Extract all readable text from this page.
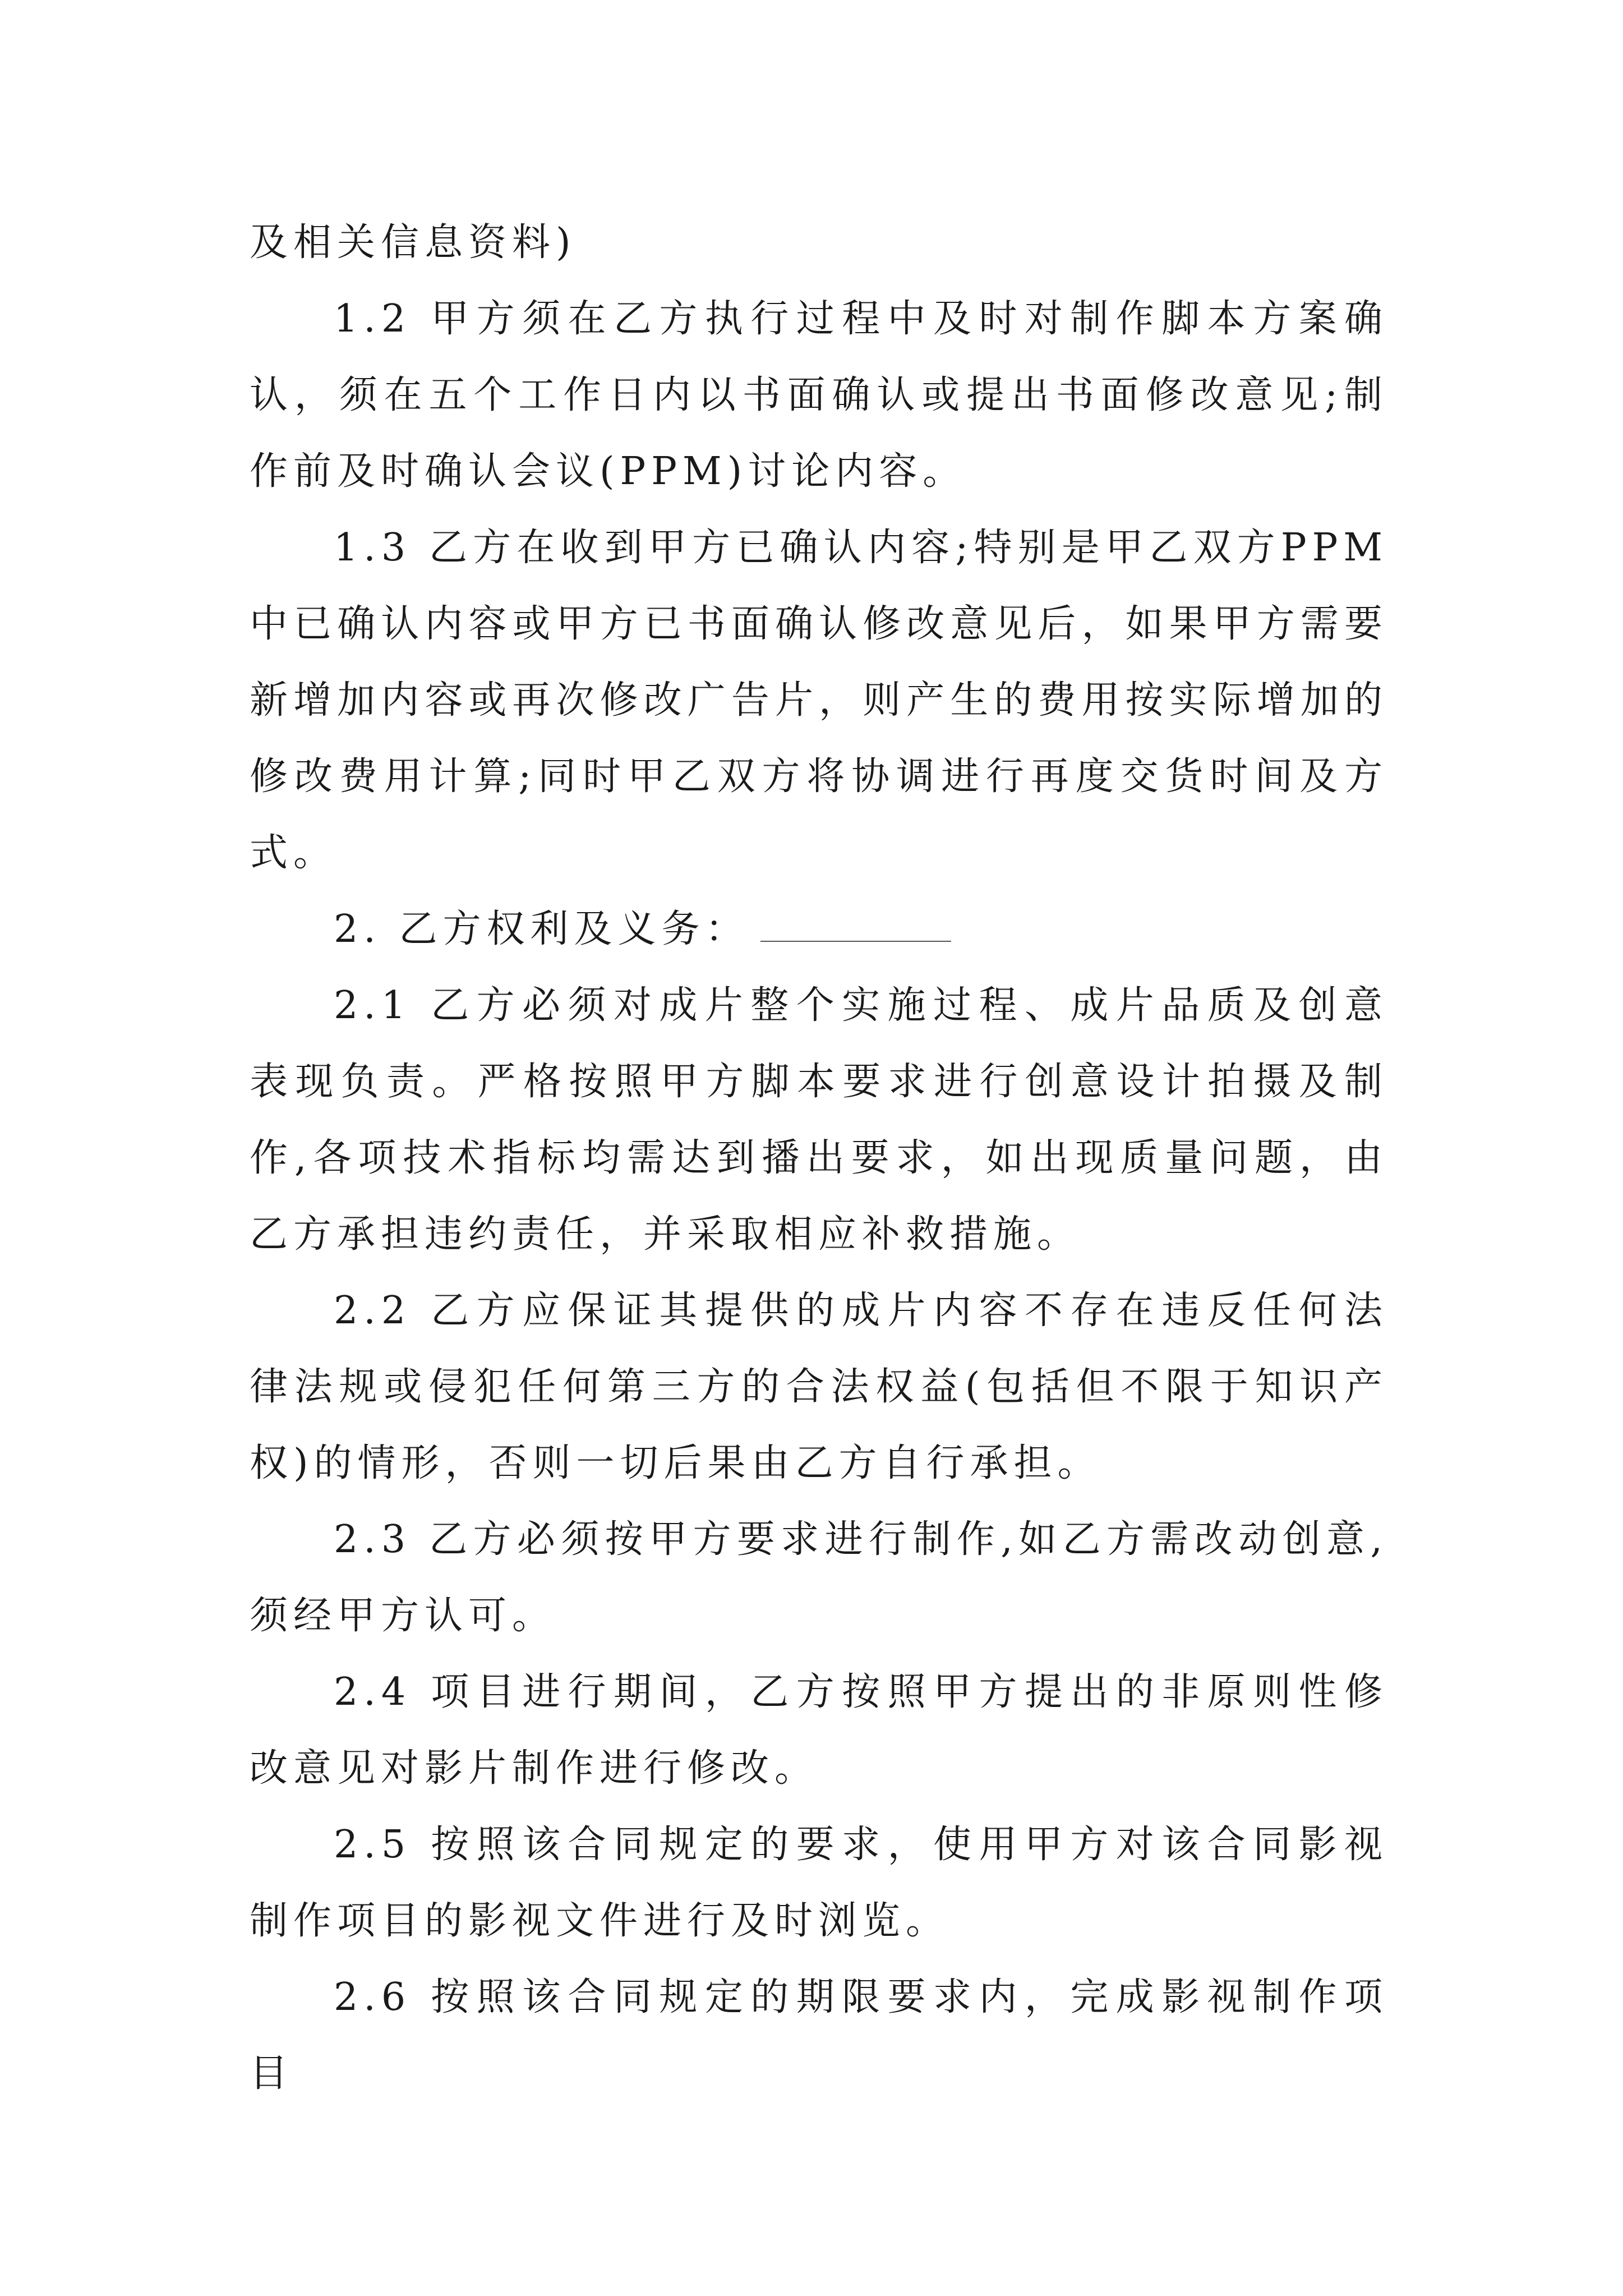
及相关信息资料)

1.2 甲方须在乙方执行过程中及时对制作脚本方案确认，须在五个工作日内以书面确认或提出书面修改意见;制作前及时确认会议(PPM)讨论内容。

1.3 乙方在收到甲方已确认内容;特别是甲乙双方PPM中已确认内容或甲方已书面确认修改意见后，如果甲方需要新增加内容或再次修改广告片，则产生的费用按实际增加的修改费用计算;同时甲乙双方将协调进行再度交货时间及方式。

2. 乙方权利及义务：

2.1 乙方必须对成片整个实施过程、成片品质及创意表现负责。严格按照甲方脚本要求进行创意设计拍摄及制作,各项技术指标均需达到播出要求，如出现质量问题，由乙方承担违约责任，并采取相应补救措施。

2.2 乙方应保证其提供的成片内容不存在违反任何法律法规或侵犯任何第三方的合法权益(包括但不限于知识产权)的情形，否则一切后果由乙方自行承担。

2.3 乙方必须按甲方要求进行制作,如乙方需改动创意,须经甲方认可。

2.4 项目进行期间，乙方按照甲方提出的非原则性修改意见对影片制作进行修改。

2.5 按照该合同规定的要求，使用甲方对该合同影视制作项目的影视文件进行及时浏览。

2.6 按照该合同规定的期限要求内，完成影视制作项目
